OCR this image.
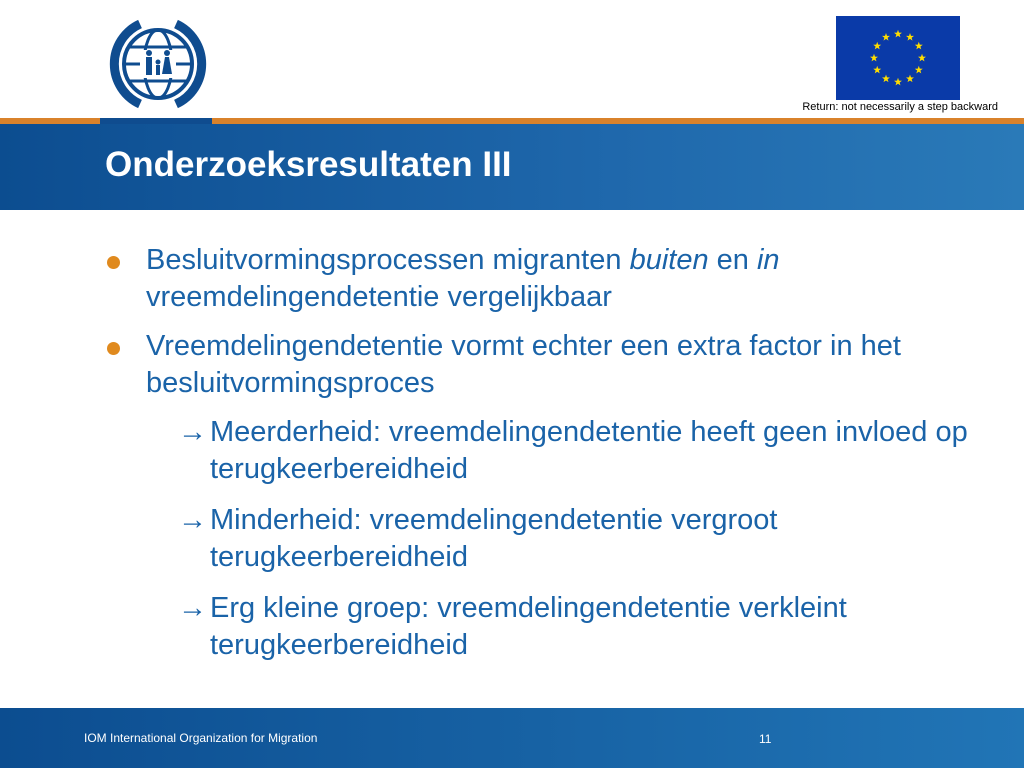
Return: not necessarily a step backward
Onderzoeksresultaten III
Besluitvormingsprocessen migranten buiten en in vreemdelingendetentie vergelijkbaar
Vreemdelingendetentie vormt echter een extra factor in het besluitvormingsproces
→ Meerderheid: vreemdelingendetentie heeft geen invloed op terugkeerbereidheid
→ Minderheid: vreemdelingendetentie vergroot terugkeerbereidheid
→ Erg kleine groep: vreemdelingendetentie verkleint terugkeerbereidheid
IOM International Organization for Migration	11
